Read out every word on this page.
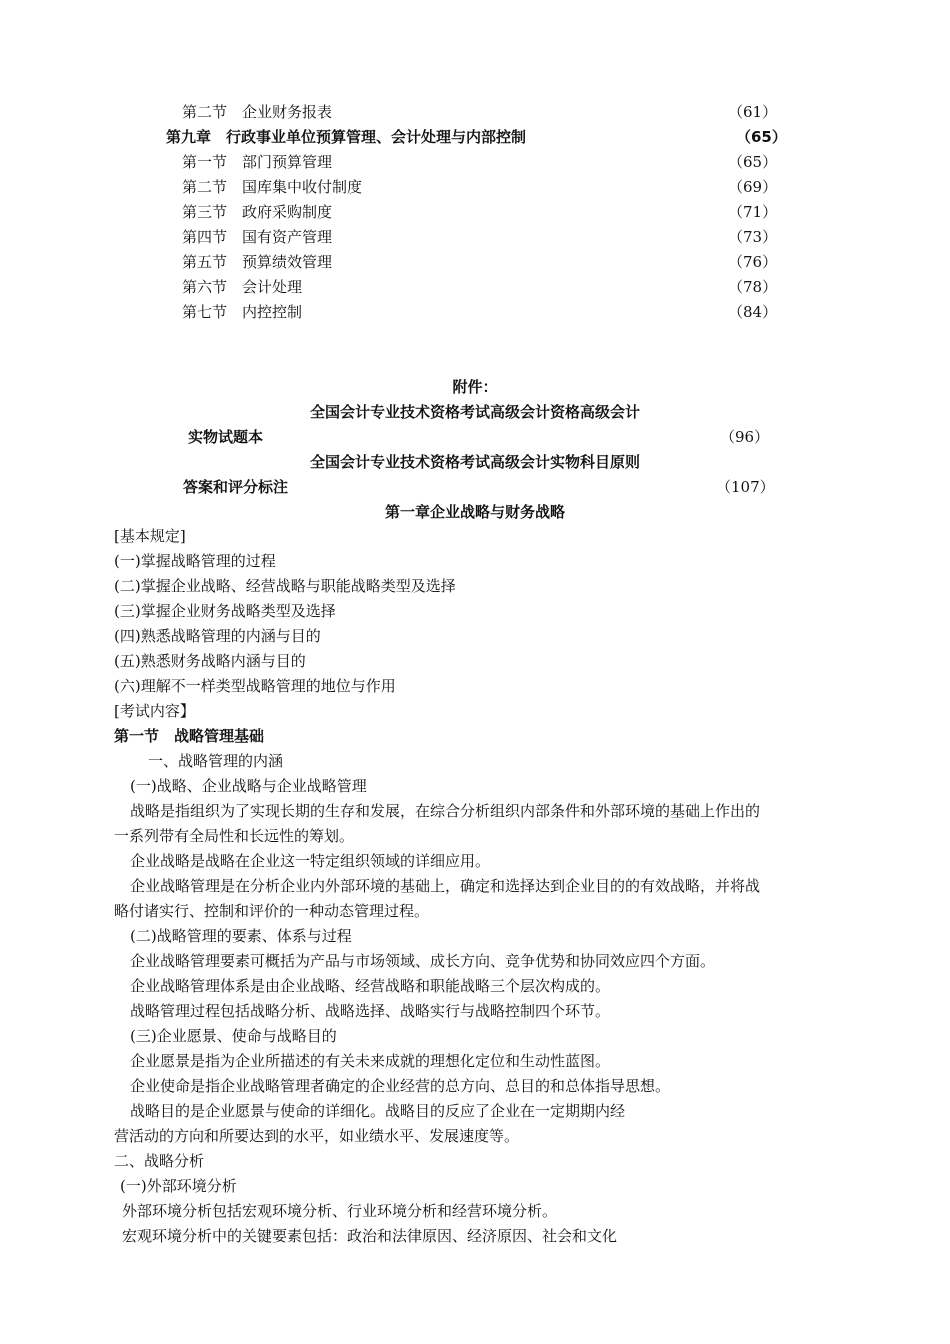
第二节　企业财务报表	（61）
第九章　行政事业单位预算管理、会计处理与内部控制	（65）
第一节　部门预算管理	（65）
第二节　国库集中收付制度	（69）
第三节　政府采购制度	（71）
第四节　国有资产管理	（73）
第五节　预算绩效管理	（76）
第六节　会计处理	（78）
第七节　内控控制	（84）
附件：
全国会计专业技术资格考试高级会计资格高级会计
实物试题本	（96）
全国会计专业技术资格考试高级会计实物科目原则
答案和评分标注	（107）
第一章企业战略与财务战略
[基本规定]
(一)掌握战略管理的过程
(二)掌握企业战略、经营战略与职能战略类型及选择
(三)掌握企业财务战略类型及选择
(四)熟悉战略管理的内涵与目的
(五)熟悉财务战略内涵与目的
(六)理解不一样类型战略管理的地位与作用
[考试内容】
第一节　战略管理基础
一、战略管理的内涵
(一)战略、企业战略与企业战略管理
战略是指组织为了实现长期的生存和发展，在综合分析组织内部条件和外部环境的基础上作出的
一系列带有全局性和长远性的筹划。
企业战略是战略在企业这一特定组织领域的详细应用。
企业战略管理是在分析企业内外部环境的基础上，确定和选择达到企业目的的有效战略，并将战
略付诸实行、控制和评价的一种动态管理过程。
(二)战略管理的要素、体系与过程
企业战略管理要素可概括为产品与市场领域、成长方向、竞争优势和协同效应四个方面。
企业战略管理体系是由企业战略、经营战略和职能战略三个层次构成的。
战略管理过程包括战略分析、战略选择、战略实行与战略控制四个环节。
(三)企业愿景、使命与战略目的
企业愿景是指为企业所描述的有关未来成就的理想化定位和生动性蓝图。
企业使命是指企业战略管理者确定的企业经营的总方向、总目的和总体指导思想。
战略目的是企业愿景与使命的详细化。战略目的反应了企业在一定期期内经
营活动的方向和所要达到的水平，如业绩水平、发展速度等。
二、战略分析
(一)外部环境分析
外部环境分析包括宏观环境分析、行业环境分析和经营环境分析。
宏观环境分析中的关键要素包括：政治和法律原因、经济原因、社会和文化
